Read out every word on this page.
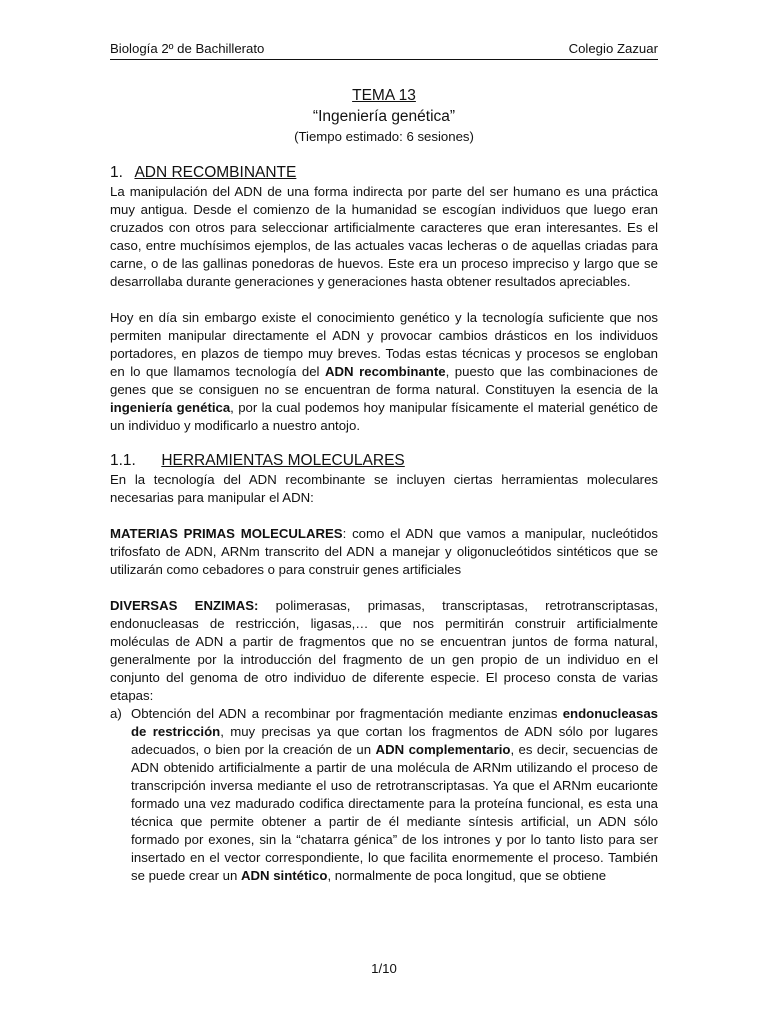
Biología 2º de Bachillerato	Colegio Zazuar
TEMA 13
“Ingeniería genética”
(Tiempo estimado: 6 sesiones)
1. ADN RECOMBINANTE

La manipulación del ADN de una forma indirecta por parte del ser humano es una práctica muy antigua. Desde el comienzo de la humanidad se escogían individuos que luego eran cruzados con otros para seleccionar artificialmente caracteres que eran interesantes. Es el caso, entre muchísimos ejemplos, de las actuales vacas lecheras o de aquellas criadas para carne, o de las gallinas ponedoras de huevos. Este era un proceso impreciso y largo que se desarrollaba durante generaciones y generaciones hasta obtener resultados apreciables.

Hoy en día sin embargo existe el conocimiento genético y la tecnología suficiente que nos permiten manipular directamente el ADN y provocar cambios drásticos en los individuos portadores, en plazos de tiempo muy breves. Todas estas técnicas y procesos se engloban en lo que llamamos tecnología del ADN recombinante, puesto que las combinaciones de genes que se consiguen no se encuentran de forma natural. Constituyen la esencia de la ingeniería genética, por la cual podemos hoy manipular físicamente el material genético de un individuo y modificarlo a nuestro antojo.

1.1. HERRAMIENTAS MOLECULARES

En la tecnología del ADN recombinante se incluyen ciertas herramientas moleculares necesarias para manipular el ADN:

MATERIAS PRIMAS MOLECULARES: como el ADN que vamos a manipular, nucleótidos trifosfato de ADN, ARNm transcrito del ADN a manejar y oligonucleótidos sintéticos que se utilizarán como cebadores o para construir genes artificiales

DIVERSAS ENZIMAS: polimerasas, primasas, transcriptasas, retrotranscriptasas, endonucleasas de restricción, ligasas,… que nos permitirán construir artificialmente moléculas de ADN a partir de fragmentos que no se encuentran juntos de forma natural, generalmente por la introducción del fragmento de un gen propio de un individuo en el conjunto del genoma de otro individuo de diferente especie. El proceso consta de varias etapas:

a) Obtención del ADN a recombinar por fragmentación mediante enzimas endonucleasas de restricción, muy precisas ya que cortan los fragmentos de ADN sólo por lugares adecuados, o bien por la creación de un ADN complementario, es decir, secuencias de ADN obtenido artificialmente a partir de una molécula de ARNm utilizando el proceso de transcripción inversa mediante el uso de retrotranscriptasas. Ya que el ARNm eucarionte formado una vez madurado codifica directamente para la proteína funcional, es esta una técnica que permite obtener a partir de él mediante síntesis artificial, un ADN sólo formado por exones, sin la “chatarra génica” de los intrones y por lo tanto listo para ser insertado en el vector correspondiente, lo que facilita enormemente el proceso. También se puede crear un ADN sintético, normalmente de poca longitud, que se obtiene
1/10
